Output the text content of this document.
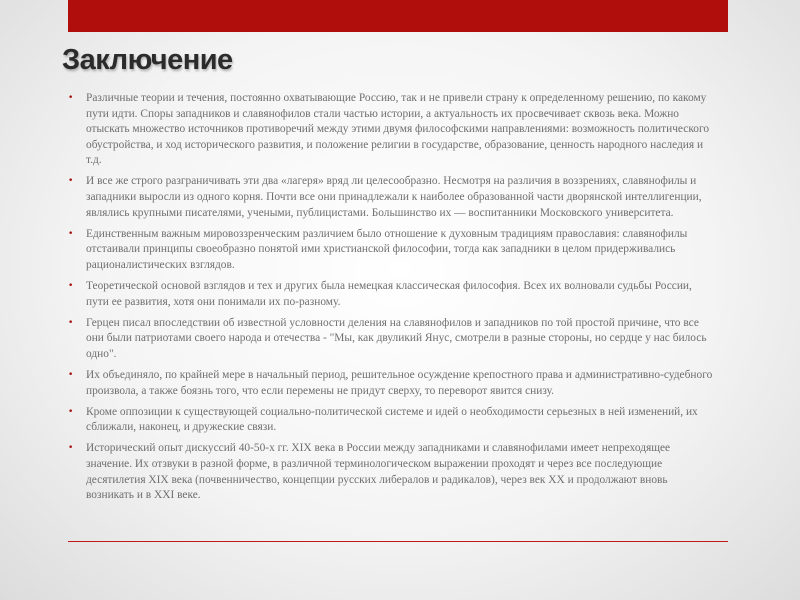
Заключение
• Различные теории и течения, постоянно охватывающие Россию, так и не привели страну к определенному решению, по какому пути идти. Споры западников и славянофилов стали частью истории, а актуальность их просвечивает сквозь века. Можно отыскать множество источников противоречий между этими двумя философскими направлениями: возможность политического обустройства, и ход исторического развития, и положение религии в государстве, образование, ценность народного наследия и т.д.
• И все же строго разграничивать эти два «лагеря» вряд ли целесообразно. Несмотря на различия в воззрениях, славянофилы и западники выросли из одного корня. Почти все они принадлежали к наиболее образованной части дворянской интеллигенции, являлись крупными писателями, учеными, публицистами. Большинство их — воспитанники Московского университета.
• Единственным важным мировоззренческим различием было отношение к духовным традициям православия: славянофилы отстаивали принципы своеобразно понятой ими христианской философии, тогда как западники в целом придерживались рационалистических взглядов.
• Теоретической основой взглядов и тех и других была немецкая классическая философия. Всех их волновали судьбы России, пути ее развития, хотя они понимали их по-разному.
• Герцен писал впоследствии об известной условности деления на славянофилов и западников по той простой причине, что все они были патриотами своего народа и отечества - "Мы, как двуликий Янус, смотрели в разные стороны, но сердце у нас билось одно".
• Их объединяло, по крайней мере в начальный период, решительное осуждение крепостного права и административно-судебного произвола, а также боязнь того, что если перемены не придут сверху, то переворот явится снизу.
• Кроме оппозиции к существующей социально-политической системе и идей о необходимости серьезных в ней изменений, их сближали, наконец, и дружеские связи.
• Исторический опыт дискуссий 40-50-х гг. XIX века в России между западниками и славянофилами имеет непреходящее значение. Их отзвуки в разной форме, в различной терминологическом выражении проходят и через все последующие десятилетия XIX века (почвенничество, концепции русских либералов и радикалов), через век XX и продолжают вновь возникать и в XXI веке.
